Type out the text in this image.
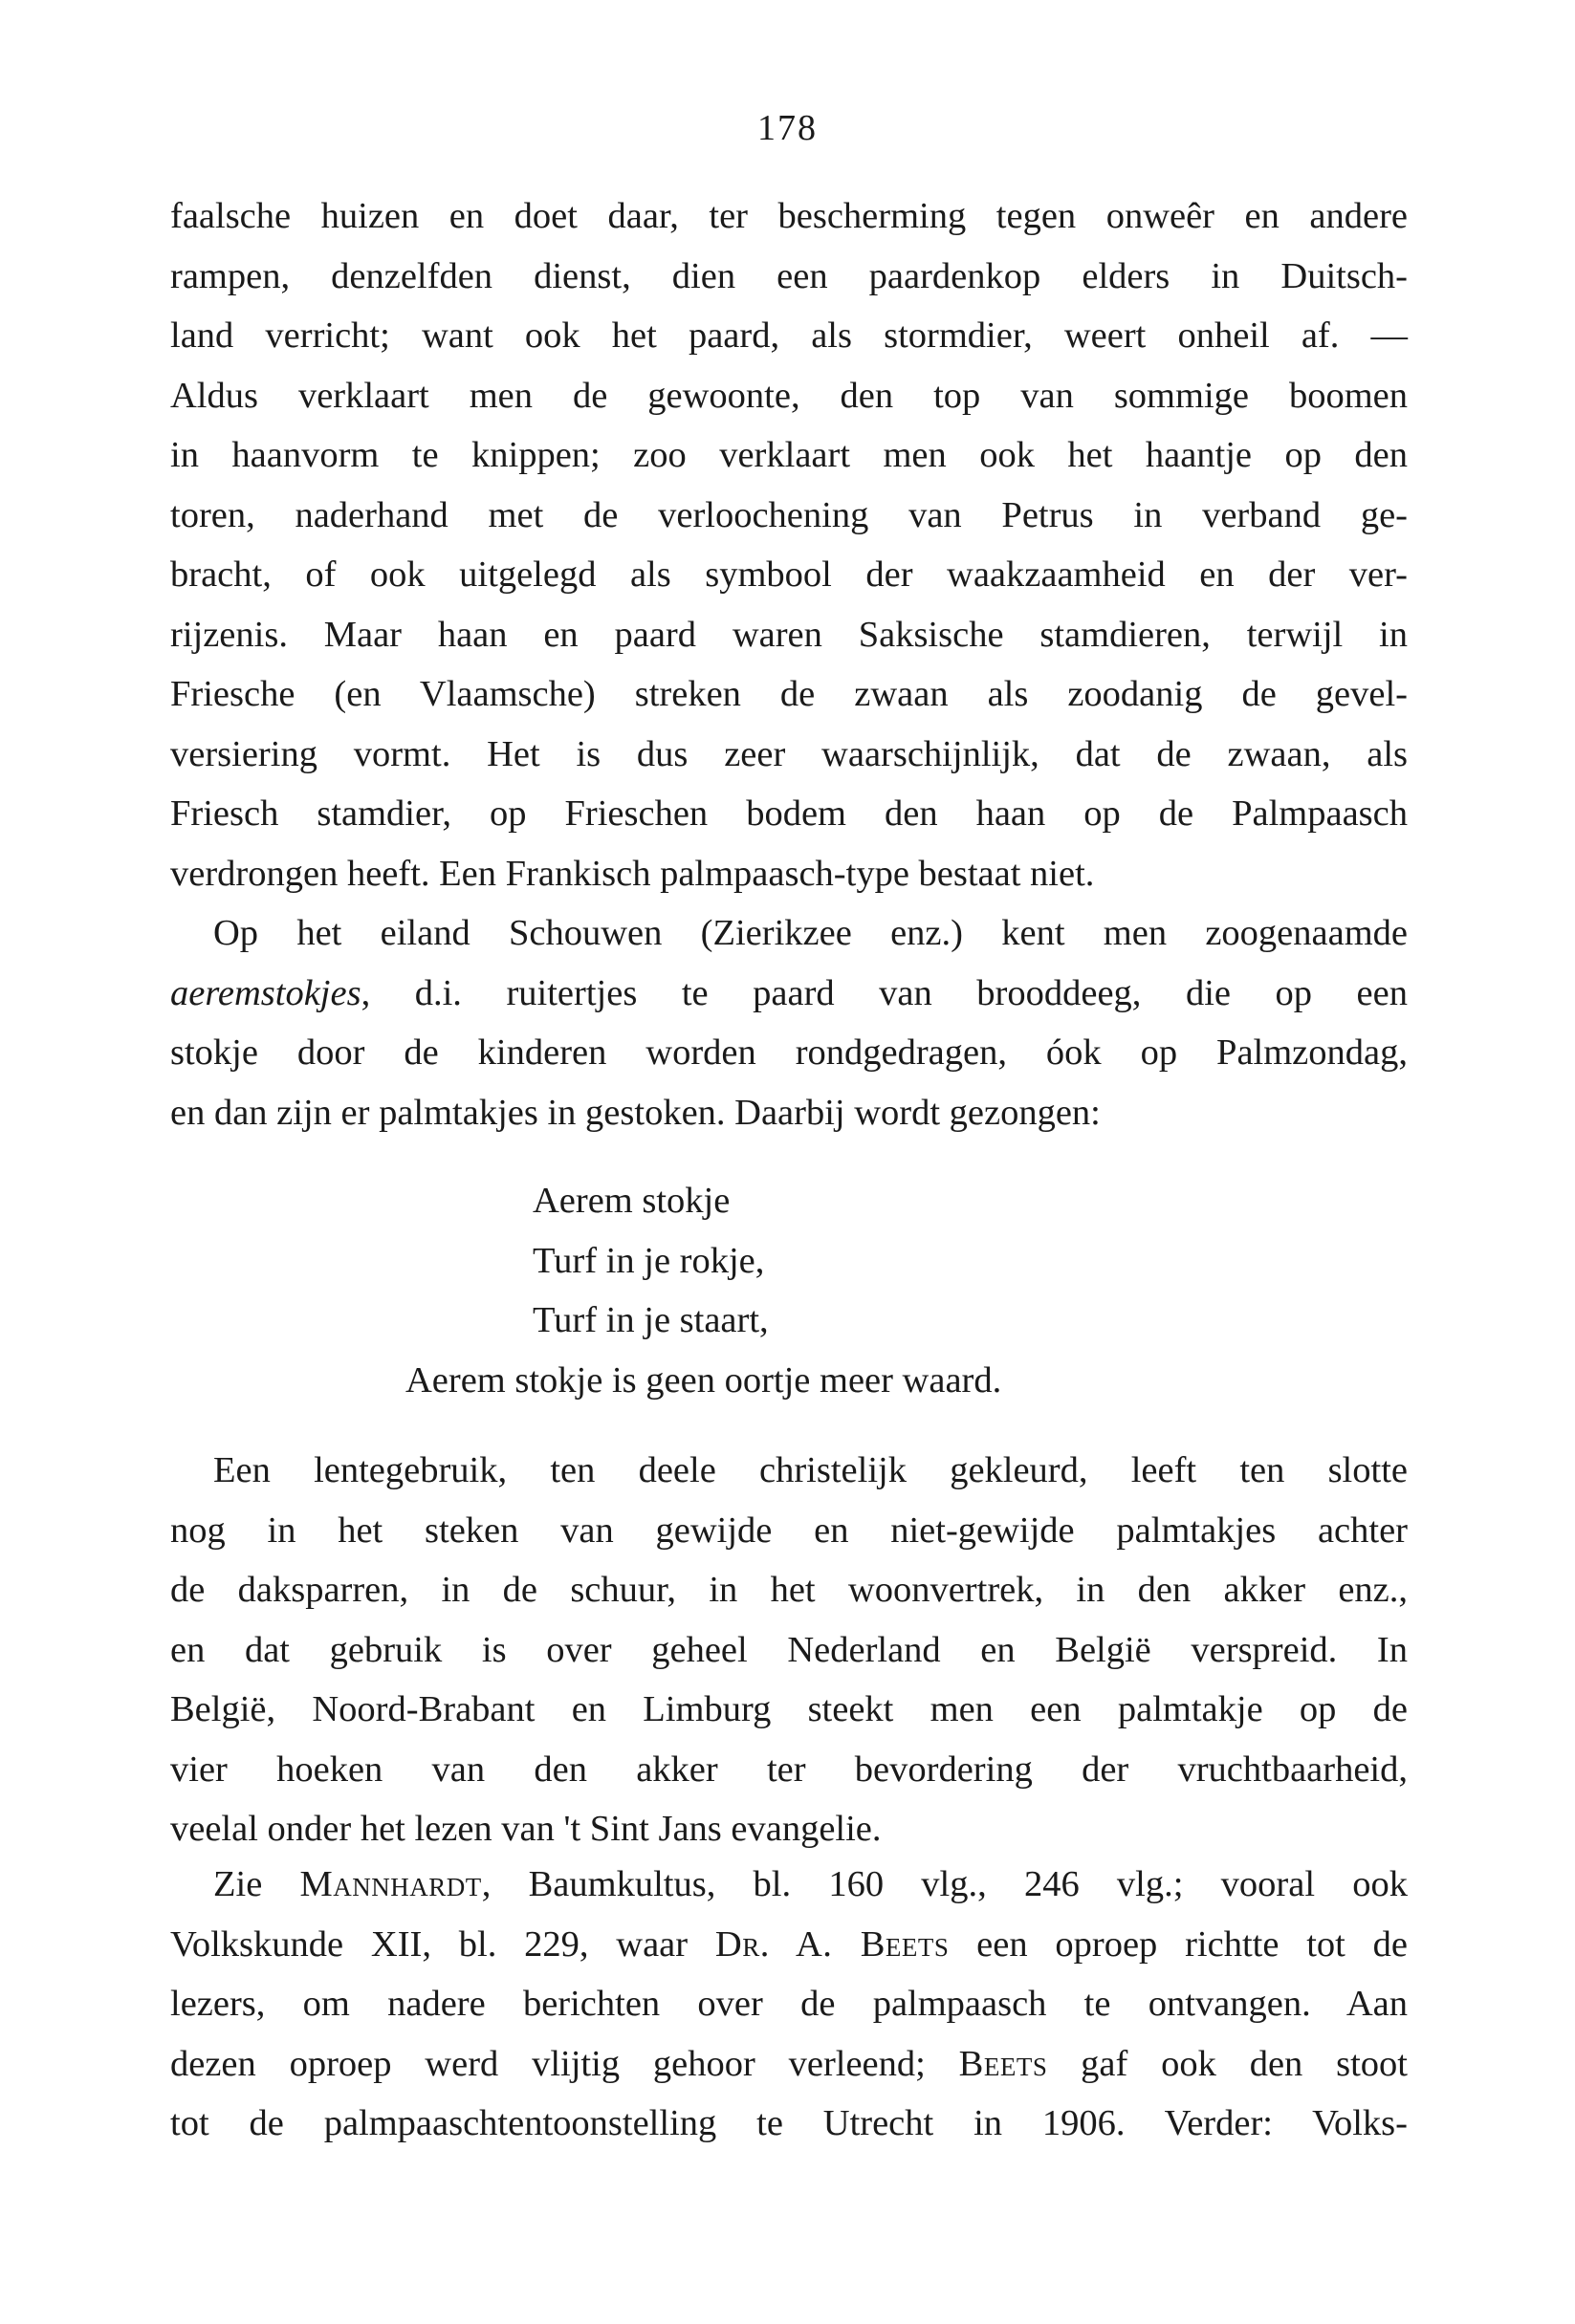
178
faalsche huizen en doet daar, ter bescherming tegen onweêr en andere
rampen, denzelfden dienst, dien een paardenkop elders in Duitsch-
land verricht; want ook het paard, als stormdier, weert onheil af. —
Aldus verklaart men de gewoonte, den top van sommige boomen
in haanvorm te knippen; zoo verklaart men ook het haantje op den
toren, naderhand met de verloochening van Petrus in verband ge-
bracht, of ook uitgelegd als symbool der waakzaamheid en der ver-
rijzenis. Maar haan en paard waren Saksische stamdieren, terwijl in
Friesche (en Vlaamsche) streken de zwaan als zoodanig de gevel-
versiering vormt. Het is dus zeer waarschijnlijk, dat de zwaan, als
Friesch stamdier, op Frieschen bodem den haan op de Palmpaasch
verdrongen heeft. Een Frankisch palmpaasch-type bestaat niet.
Op het eiland Schouwen (Zierikzee enz.) kent men zoogenaamde
aeremstokjes, d.i. ruitertjes te paard van brooddeeg, die op een
stokje door de kinderen worden rondgedragen, óok op Palmzondag,
en dan zijn er palmtakjes in gestoken. Daarbij wordt gezongen:
Aerem stokje
Turf in je rokje,
Turf in je staart,
Aerem stokje is geen oortje meer waard.
Een lentegebruik, ten deele christelijk gekleurd, leeft ten slotte
nog in het steken van gewijde en niet-gewijde palmtakjes achter
de daksparren, in de schuur, in het woonvertrek, in den akker enz.,
en dat gebruik is over geheel Nederland en België verspreid. In
België, Noord-Brabant en Limburg steekt men een palmtakje op de
vier hoeken van den akker ter bevordering der vruchtbaarheid,
veelal onder het lezen van 't Sint Jans evangelie.
Zie Mannhardt, Baumkultus, bl. 160 vlg., 246 vlg.; vooral ook
Volkskunde XII, bl. 229, waar Dr. A. Beets een oproep richtte tot de
lezers, om nadere berichten over de palmpaasch te ontvangen. Aan
dezen oproep werd vlijtig gehoor verleend; Beets gaf ook den stoot
tot de palmpaaschtentoonstelling te Utrecht in 1906. Verder: Volks-
